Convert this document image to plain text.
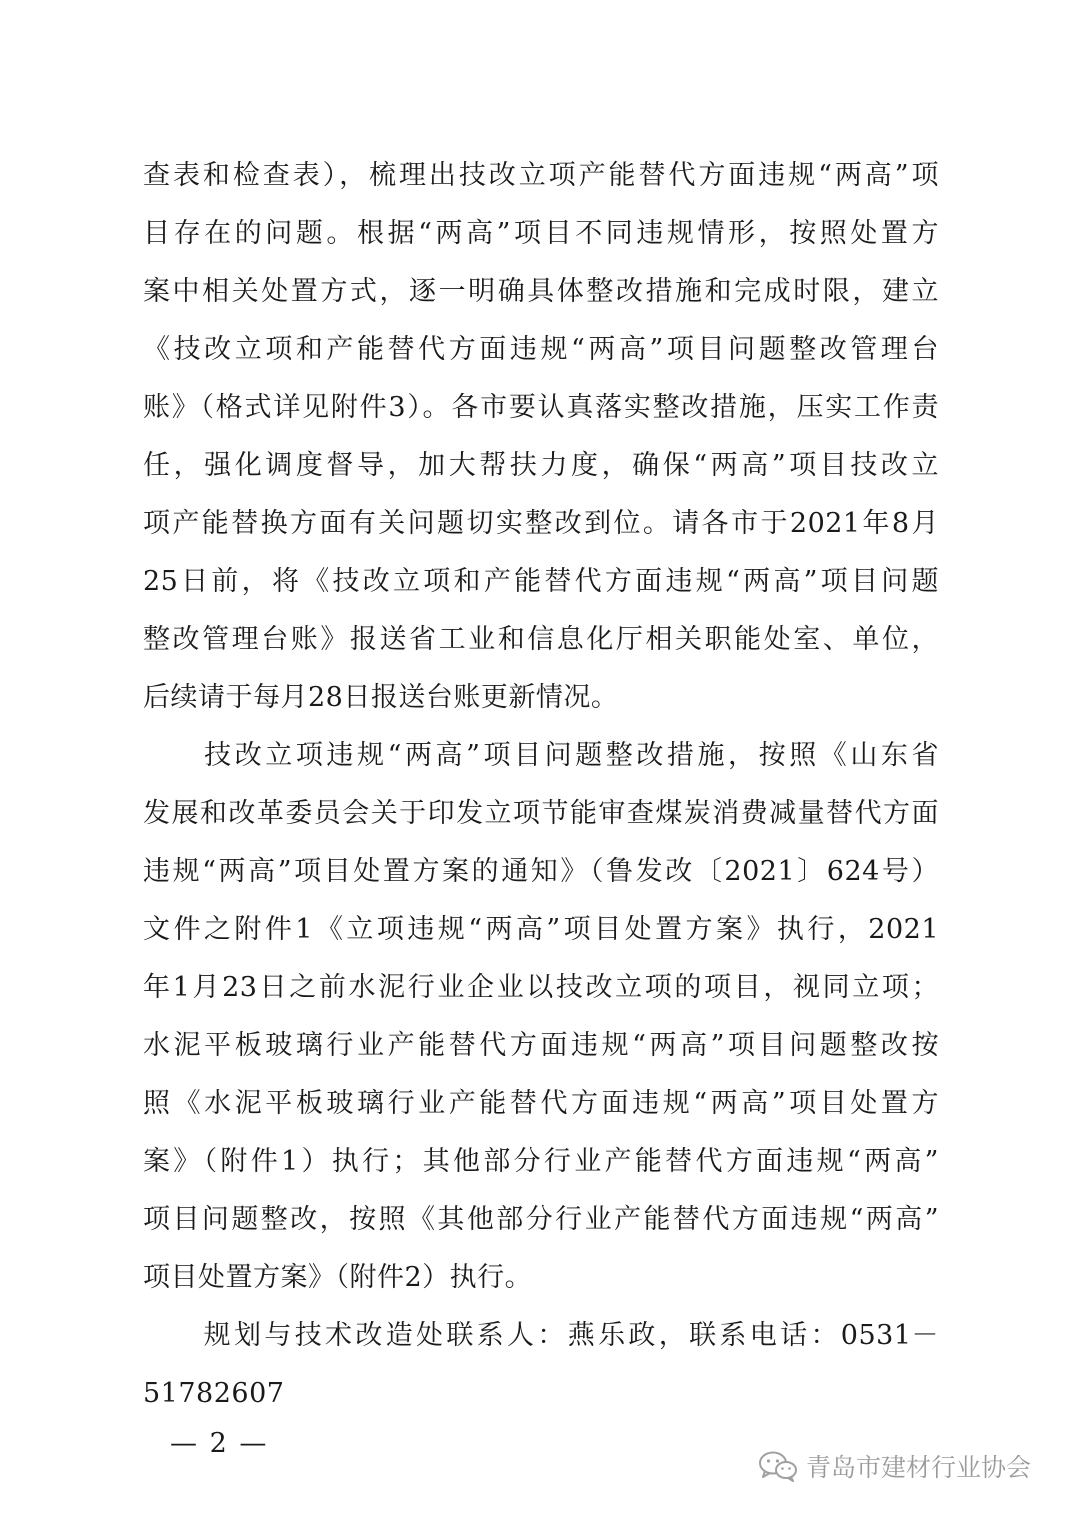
查表和检查表），梳理出技改立项产能替代方面违规“两高”项
目存在的问题。根据“两高”项目不同违规情形，按照处置方
案中相关处置方式，逐一明确具体整改措施和完成时限，建立
《技改立项和产能替代方面违规“两高”项目问题整改管理台
账》（格式详见附件3）。各市要认真落实整改措施，压实工作责
任，强化调度督导，加大帮扶力度，确保“两高”项目技改立
项产能替换方面有关问题切实整改到位。请各市于2021年8月
25日前，将《技改立项和产能替代方面违规“两高”项目问题
整改管理台账》报送省工业和信息化厅相关职能处室、单位，
后续请于每月28日报送台账更新情况。
　　技改立项违规“两高”项目问题整改措施，按照《山东省
发展和改革委员会关于印发立项节能审查煤炭消费减量替代方面
违规“两高”项目处置方案的通知》（鲁发改〔2021〕624号）
文件之附件1《立项违规“两高”项目处置方案》执行，2021
年1月23日之前水泥行业企业以技改立项的项目，视同立项；
水泥平板玻璃行业产能替代方面违规“两高”项目问题整改按
照《水泥平板玻璃行业产能替代方面违规“两高”项目处置方
案》（附件1）执行；其他部分行业产能替代方面违规“两高”
项目问题整改，按照《其他部分行业产能替代方面违规“两高”
项目处置方案》（附件2）执行。
　　规划与技术改造处联系人：燕乐政，联系电话：0531－
51782607
— 2 —
青岛市建材行业协会
